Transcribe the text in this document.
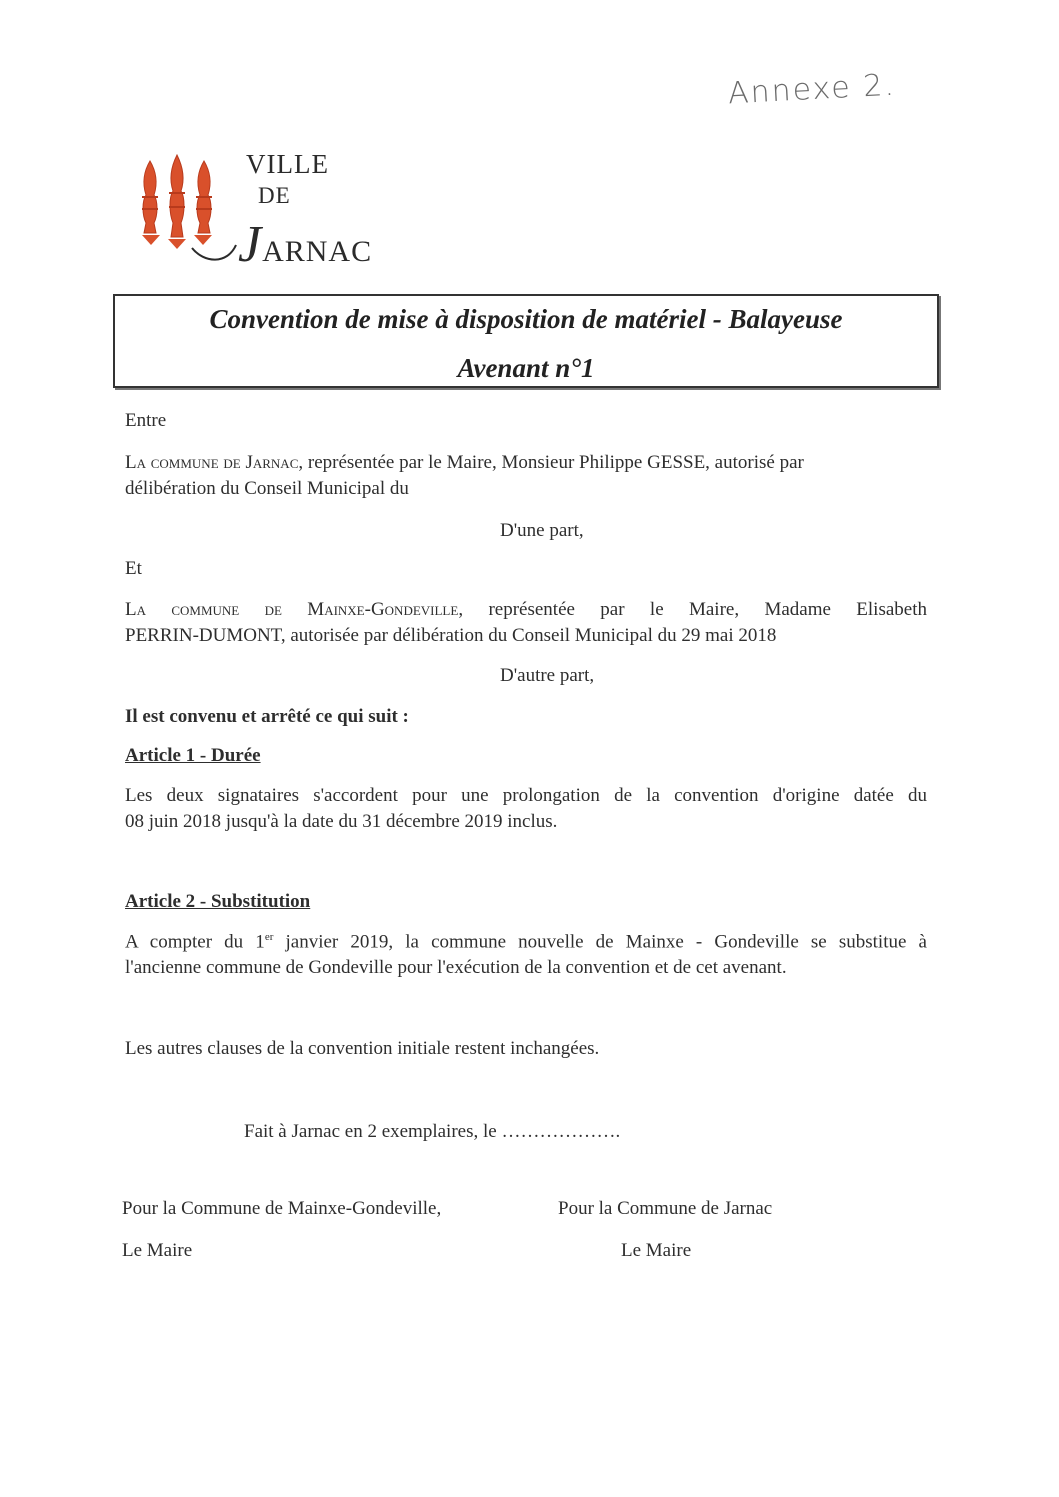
Annexe 2.
VILLE
DE
JARNAC
Convention de mise à disposition de matériel - Balayeuse
Avenant n°1
Entre
La commune de Jarnac, représentée par le Maire, Monsieur Philippe GESSE, autorisé par
délibération du Conseil Municipal du
D'une part,
Et
La commune de Mainxe-Gondeville, représentée par le Maire, Madame Elisabeth
PERRIN-DUMONT, autorisée par délibération du Conseil Municipal du 29 mai 2018
D'autre part,
Il est convenu et arrêté ce qui suit :
Article 1 - Durée
Les deux signataires s'accordent pour une prolongation de la convention d'origine datée du
08 juin 2018 jusqu'à la date du 31 décembre 2019 inclus.
Article 2 - Substitution
A compter du 1er janvier 2019, la commune nouvelle de Mainxe - Gondeville se substitue à
l'ancienne commune de Gondeville pour l'exécution de la convention et de cet avenant.
Les autres clauses de la convention initiale restent inchangées.
Fait à Jarnac en 2 exemplaires, le ……………….
Pour la Commune de Mainxe-Gondeville,	Pour la Commune de Jarnac
Le Maire	Le Maire
